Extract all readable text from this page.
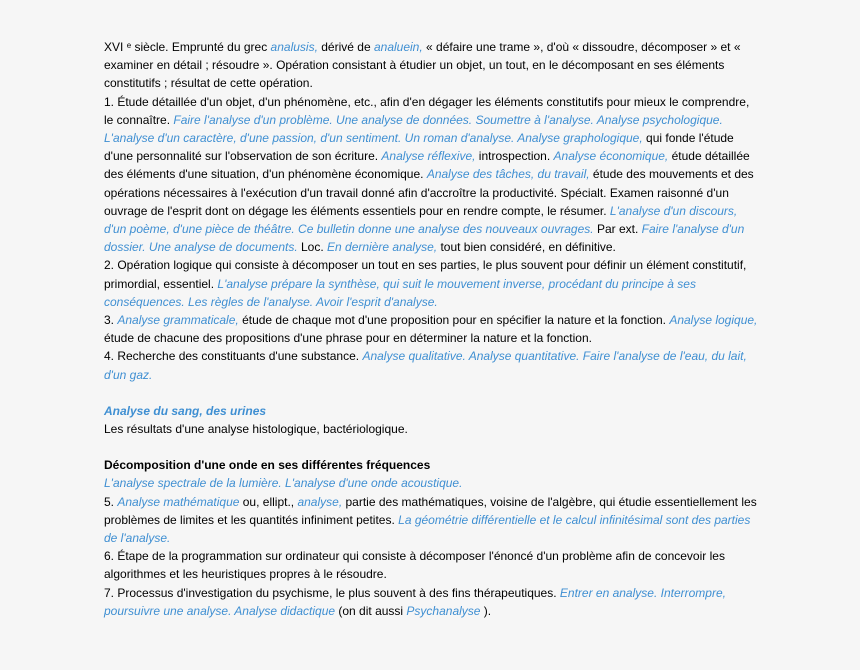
XVI $^e$ siècle. Emprunté du grec analusis, dérivé de analuein, « défaire une trame », d'où « dissoudre, décomposer » et « examiner en détail ; résoudre ». Opération consistant à étudier un objet, un tout, en le décomposant en ses éléments constitutifs ; résultat de cette opération.

1. Étude détaillée d'un objet, d'un phénomène, etc., afin d'en dégager les éléments constitutifs pour mieux le comprendre, le connaître. Faire l'analyse d'un problème. Une analyse de données. Soumettre à l'analyse. Analyse psychologique. L'analyse d'un caractère, d'une passion, d'un sentiment. Un roman d'analyse. Analyse graphologique, qui fonde l'étude d'une personnalité sur l'observation de son écriture. Analyse réflexive, introspection. Analyse économique, étude détaillée des éléments d'une situation, d'un phénomène économique. Analyse des tâches, du travail, étude des mouvements et des opérations nécessaires à l'exécution d'un travail donné afin d'accroître la productivité. Spécialt. Examen raisonné d'un ouvrage de l'esprit dont on dégage les éléments essentiels pour en rendre compte, le résumer. L'analyse d'un discours, d'un poème, d'une pièce de théâtre. Ce bulletin donne une analyse des nouveaux ouvrages. Par ext. Faire l'analyse d'un dossier. Une analyse de documents. Loc. En dernière analyse, tout bien considéré, en définitive.

2. Opération logique qui consiste à décomposer un tout en ses parties, le plus souvent pour définir un élément constitutif, primordial, essentiel. L'analyse prépare la synthèse, qui suit le mouvement inverse, procédant du principe à ses conséquences. Les règles de l'analyse. Avoir l'esprit d'analyse.

3. Analyse grammaticale, étude de chaque mot d'une proposition pour en spécifier la nature et la fonction. Analyse logique, étude de chacune des propositions d'une phrase pour en déterminer la nature et la fonction.

4. Recherche des constituants d'une substance. Analyse qualitative. Analyse quantitative. Faire l'analyse de l'eau, du lait, d'un gaz.

Analyse du sang, des urines

Les résultats d'une analyse histologique, bactériologique.

Décomposition d'une onde en ses différentes fréquences

L'analyse spectrale de la lumière. L'analyse d'une onde acoustique.

5. Analyse mathématique ou, ellipt., analyse, partie des mathématiques, voisine de l'algèbre, qui étudie essentiellement les problèmes de limites et les quantités infiniment petites. La géométrie différentielle et le calcul infinitésimal sont des parties de l'analyse.

6. Étape de la programmation sur ordinateur qui consiste à décomposer l'énoncé d'un problème afin de concevoir les algorithmes et les heuristiques propres à le résoudre.

7. Processus d'investigation du psychisme, le plus souvent à des fins thérapeutiques. Entrer en analyse. Interrompre, poursuivre une analyse. Analyse didactique (on dit aussi Psychanalyse ).
